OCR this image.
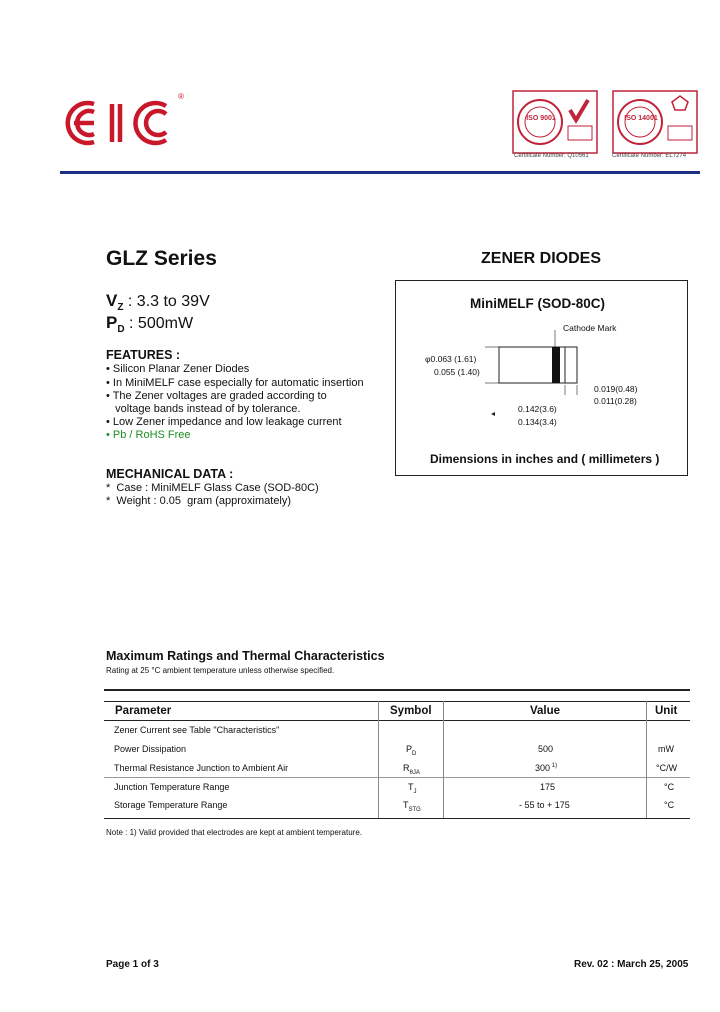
®
ISO 9001	ISO 14001
Certificate Number: Q10561	Certificate Number: EL7274
GLZ Series	ZENER DIODES
$V_Z$ : 3.3 to 39V
$P_D$ : 500mW
FEATURES :
• Silicon Planar Zener Diodes
• In MiniMELF case especially for automatic insertion
• The Zener voltages are graded according to
voltage bands instead of by tolerance.
• Low Zener impedance and low leakage current
• Pb / RoHS Free
MECHANICAL DATA :
*  Case : MiniMELF Glass Case (SOD-80C)
*  Weight : 0.05  gram (approximately)
MiniMELF (SOD-80C)
Cathode Mark
φ0.063 (1.61)
0.055 (1.40)
0.019(0.48)
0.011(0.28)
0.142(3.6)
0.134(3.4)
Dimensions in inches and ( millimeters )
Maximum Ratings and Thermal Characteristics
Rating at 25 °C ambient temperature unless otherwise specified.
Parameter	Symbol	Value	Unit
Zener Current see Table "Characteristics"
Power Dissipation	$P_D$	500	mW
Thermal Resistance Junction to Ambient Air	$R_{\theta JA}$	300 $^{1)}$	°C/W
Junction Temperature Range	$T_J$	175	°C
Storage Temperature Range	$T_{STG}$	- 55 to + 175	°C
Note : 1) Valid provided that electrodes are kept at ambient temperature.
Page 1 of 3	Rev. 02 : March 25, 2005
